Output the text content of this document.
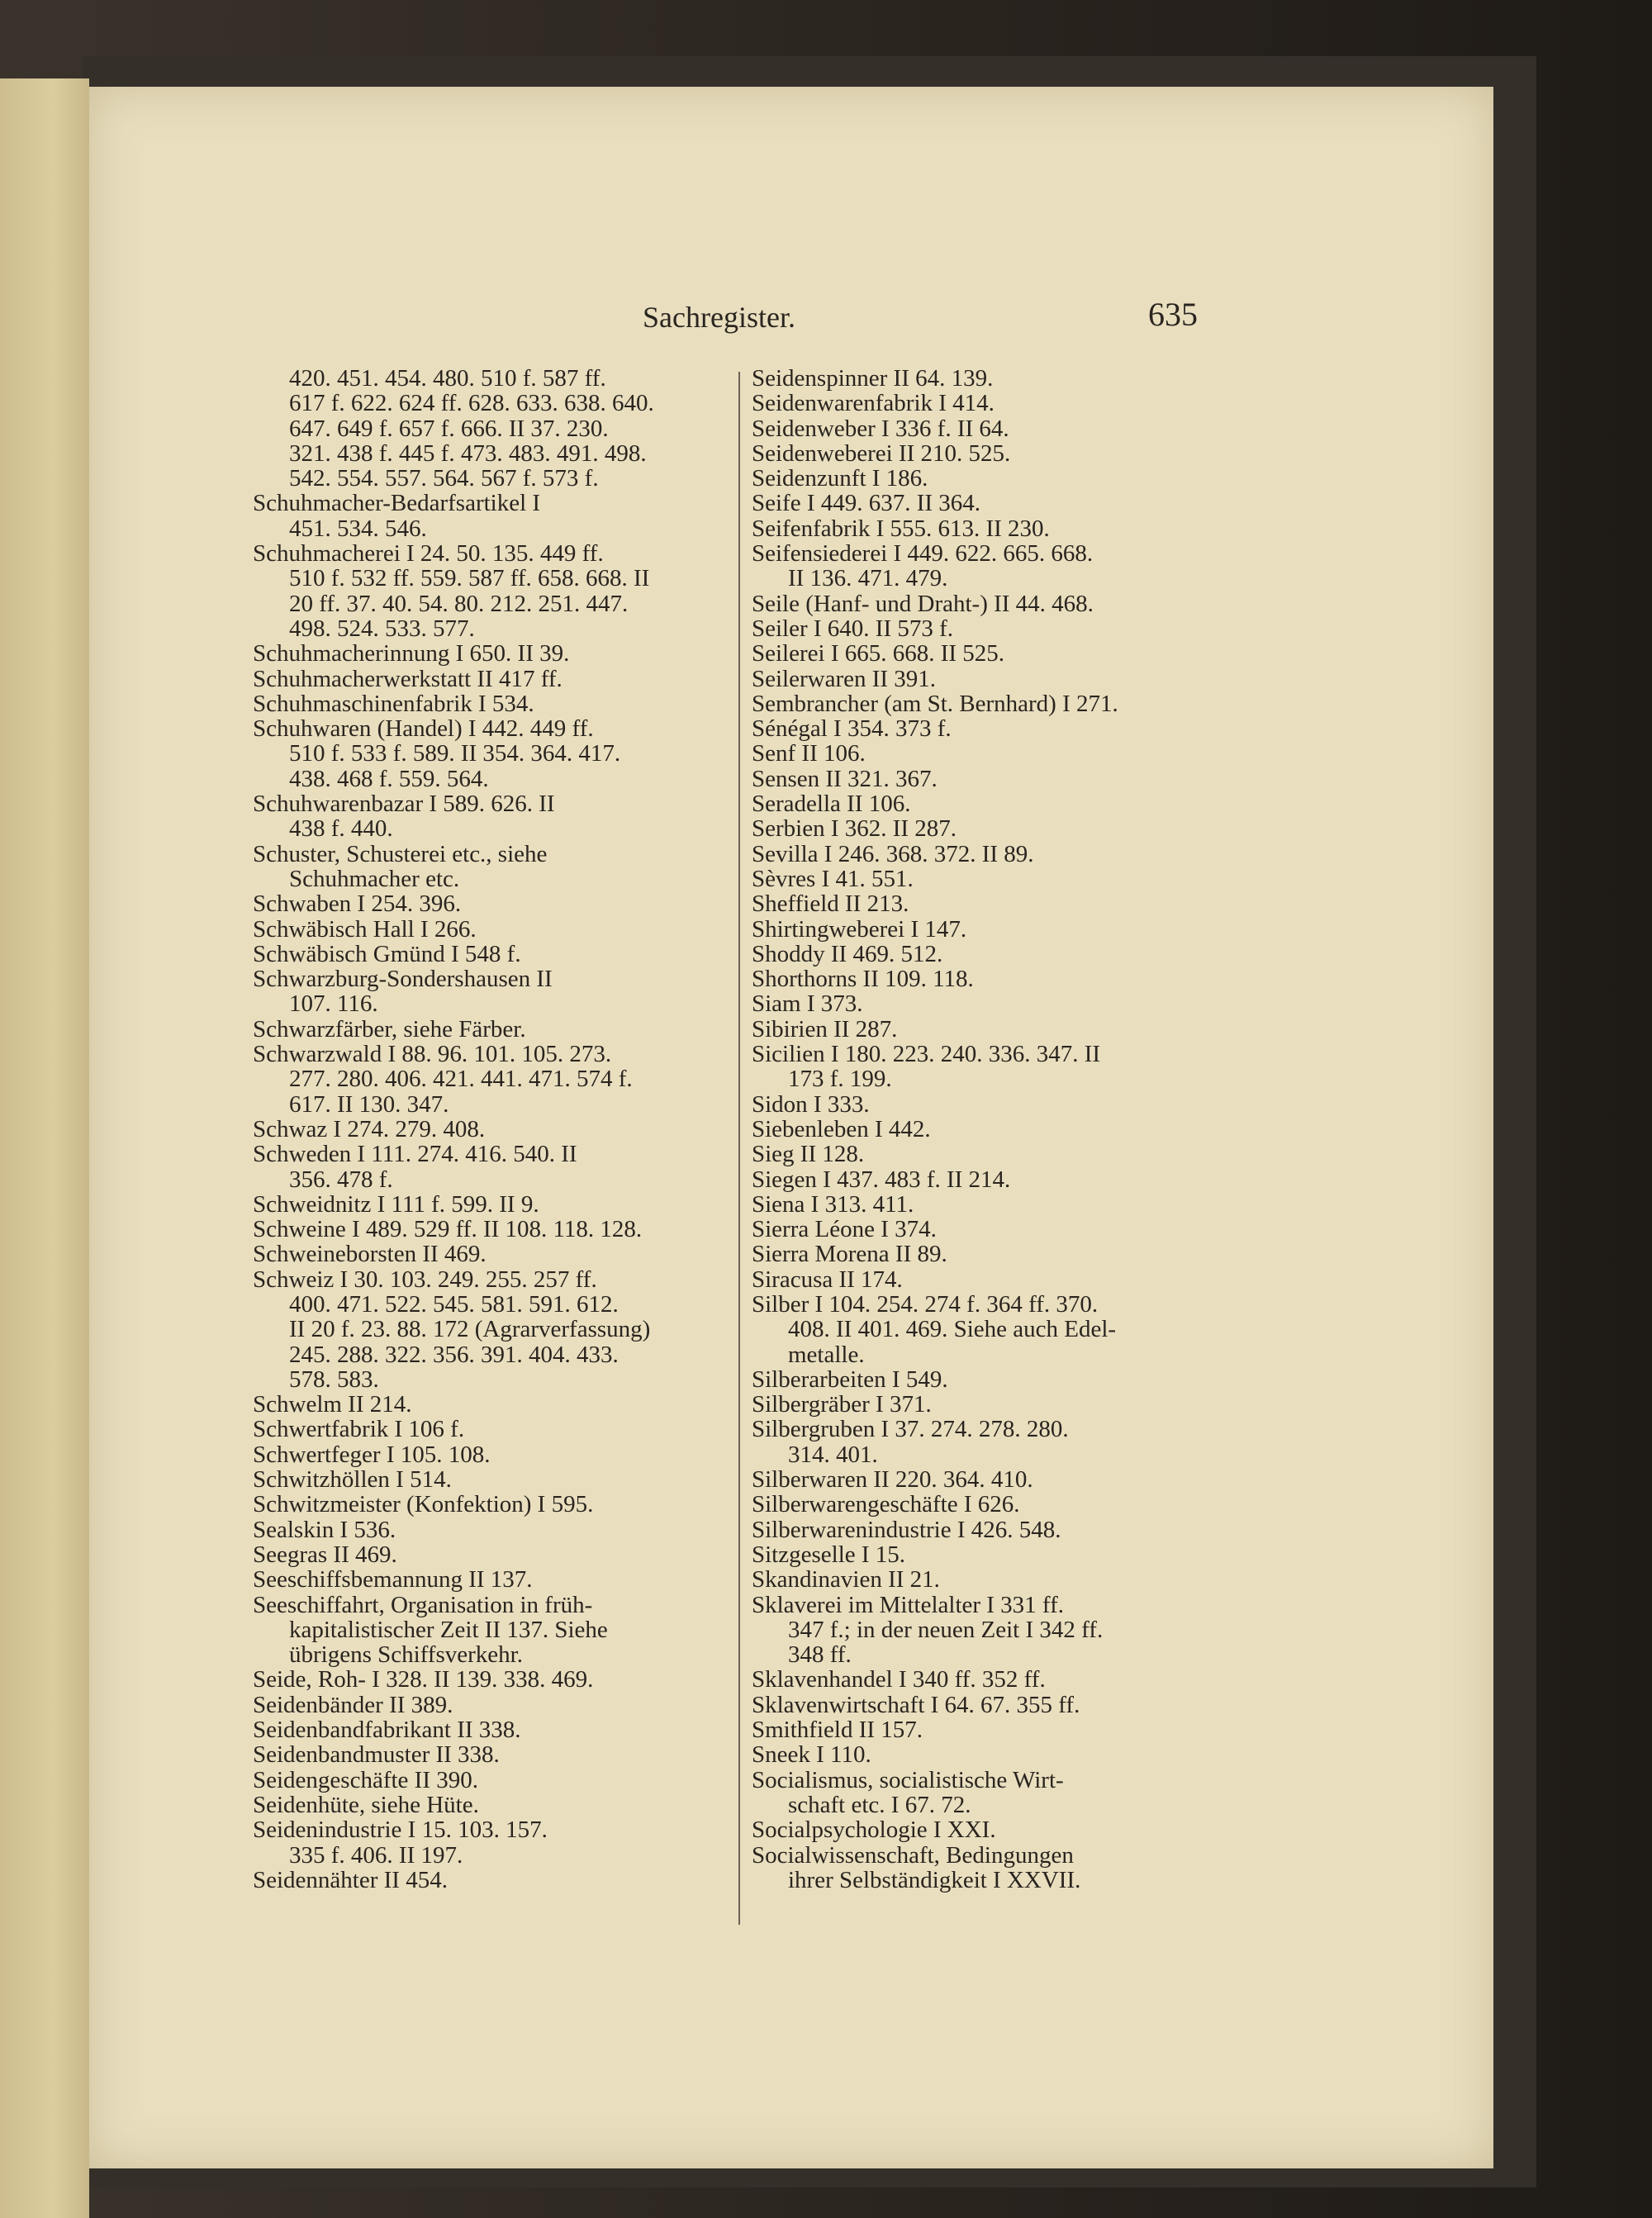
Sachregister.	635

420. 451. 454. 480. 510 f. 587 ff.

617 f. 622. 624 ff. 628. 633. 638. 640.

647. 649 f. 657 f. 666. II 37. 230.

321. 438 f. 445 f. 473. 483. 491. 498.

542. 554. 557. 564. 567 f. 573 f.

Schuhmacher-Bedarfsartikel I

451. 534. 546.

Schuhmacherei I 24. 50. 135. 449 ff.

510 f. 532 ff. 559. 587 ff. 658. 668. II

20 ff. 37. 40. 54. 80. 212. 251. 447.

498. 524. 533. 577.

Schuhmacherinnung I 650. II 39.

Schuhmacherwerkstatt II 417 ff.

Schuhmaschinenfabrik I 534.

Schuhwaren (Handel) I 442. 449 ff.

510 f. 533 f. 589. II 354. 364. 417.

438. 468 f. 559. 564.

Schuhwarenbazar I 589. 626. II

438 f. 440.

Schuster, Schusterei etc., siehe

Schuhmacher etc.

Schwaben I 254. 396.

Schwäbisch Hall I 266.

Schwäbisch Gmünd I 548 f.

Schwarzburg-Sondershausen II

107. 116.

Schwarzfärber, siehe Färber.

Schwarzwald I 88. 96. 101. 105. 273.

277. 280. 406. 421. 441. 471. 574 f.

617. II 130. 347.

Schwaz I 274. 279. 408.

Schweden I 111. 274. 416. 540. II

356. 478 f.

Schweidnitz I 111 f. 599. II 9.

Schweine I 489. 529 ff. II 108. 118. 128.

Schweineborsten II 469.

Schweiz I 30. 103. 249. 255. 257 ff.

400. 471. 522. 545. 581. 591. 612.

II 20 f. 23. 88. 172 (Agrarverfassung)

245. 288. 322. 356. 391. 404. 433.

578. 583.

Schwelm II 214.

Schwertfabrik I 106 f.

Schwertfeger I 105. 108.

Schwitzhöllen I 514.

Schwitzmeister (Konfektion) I 595.

Sealskin I 536.

Seegras II 469.

Seeschiffsbemannung II 137.

Seeschiffahrt, Organisation in früh-

kapitalistischer Zeit II 137. Siehe

übrigens Schiffsverkehr.

Seide, Roh- I 328. II 139. 338. 469.

Seidenbänder II 389.

Seidenbandfabrikant II 338.

Seidenbandmuster II 338.

Seidengeschäfte II 390.

Seidenhüte, siehe Hüte.

Seidenindustrie I 15. 103. 157.

335 f. 406. II 197.

Seidennähter II 454.

Seidenspinner II 64. 139.

Seidenwarenfabrik I 414.

Seidenweber I 336 f. II 64.

Seidenweberei II 210. 525.

Seidenzunft I 186.

Seife I 449. 637. II 364.

Seifenfabrik I 555. 613. II 230.

Seifensiederei I 449. 622. 665. 668.

II 136. 471. 479.

Seile (Hanf- und Draht-) II 44. 468.

Seiler I 640. II 573 f.

Seilerei I 665. 668. II 525.

Seilerwaren II 391.

Sembrancher (am St. Bernhard) I 271.

Sénégal I 354. 373 f.

Senf II 106.

Sensen II 321. 367.

Seradella II 106.

Serbien I 362. II 287.

Sevilla I 246. 368. 372. II 89.

Sèvres I 41. 551.

Sheffield II 213.

Shirtingweberei I 147.

Shoddy II 469. 512.

Shorthorns II 109. 118.

Siam I 373.

Sibirien II 287.

Sicilien I 180. 223. 240. 336. 347. II

173 f. 199.

Sidon I 333.

Siebenleben I 442.

Sieg II 128.

Siegen I 437. 483 f. II 214.

Siena I 313. 411.

Sierra Léone I 374.

Sierra Morena II 89.

Siracusa II 174.

Silber I 104. 254. 274 f. 364 ff. 370.

408. II 401. 469. Siehe auch Edel-

metalle.

Silberarbeiten I 549.

Silbergräber I 371.

Silbergruben I 37. 274. 278. 280.

314. 401.

Silberwaren II 220. 364. 410.

Silberwarengeschäfte I 626.

Silberwarenindustrie I 426. 548.

Sitzgeselle I 15.

Skandinavien II 21.

Sklaverei im Mittelalter I 331 ff.

347 f.; in der neuen Zeit I 342 ff.

348 ff.

Sklavenhandel I 340 ff. 352 ff.

Sklavenwirtschaft I 64. 67. 355 ff.

Smithfield II 157.

Sneek I 110.

Socialismus, socialistische Wirt-

schaft etc. I 67. 72.

Socialpsychologie I XXI.

Socialwissenschaft, Bedingungen

ihrer Selbständigkeit I XXVII.
